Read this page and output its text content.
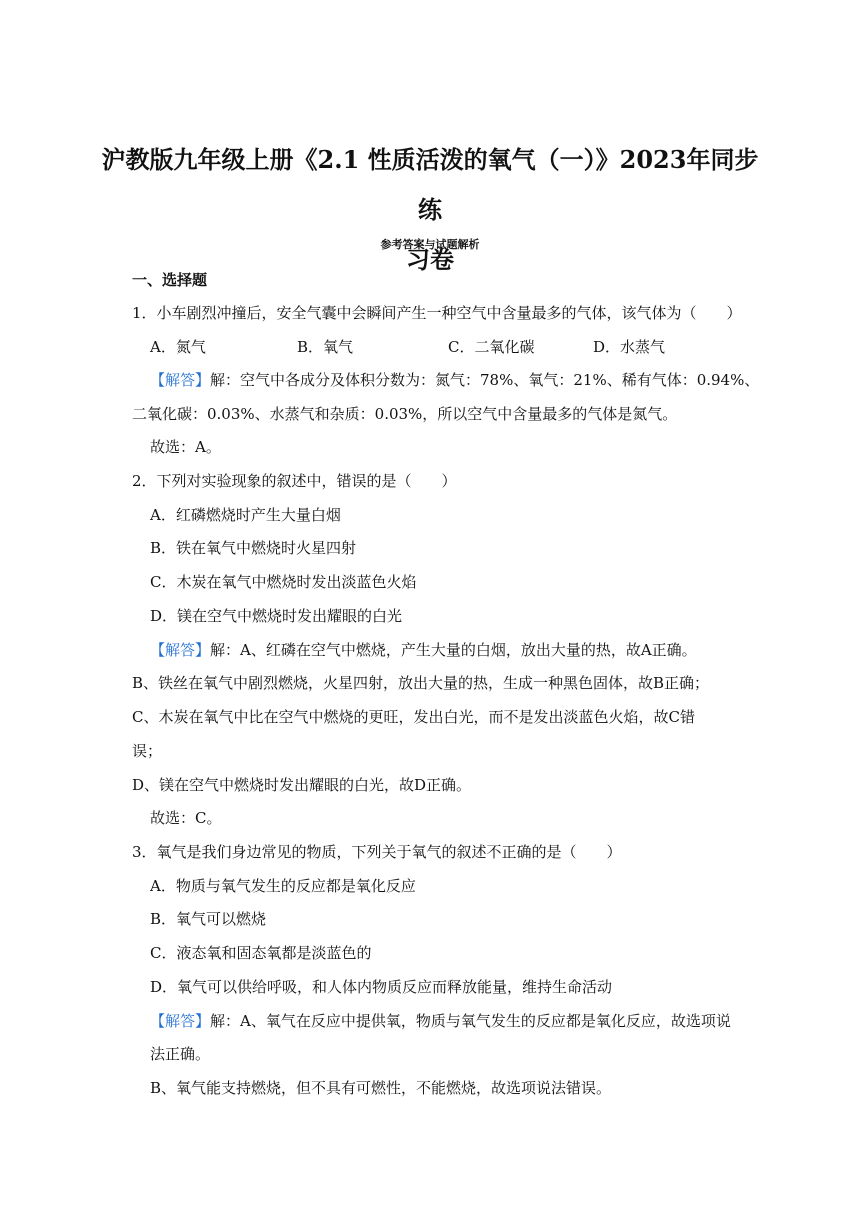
沪教版九年级上册《2.1 性质活泼的氧气（一）》2023年同步练
习卷
参考答案与试题解析
一、选择题
1．小车剧烈冲撞后，安全气囊中会瞬间产生一种空气中含量最多的气体，该气体为（　　）
A．氮气	B．氧气	C．二氧化碳	D．水蒸气
【解答】解：空气中各成分及体积分数为：氮气：78%、氧气：21%、稀有气体：0.94%、
二氧化碳：0.03%、水蒸气和杂质：0.03%，所以空气中含量最多的气体是氮气。
故选：A。
2．下列对实验现象的叙述中，错误的是（　　）
A．红磷燃烧时产生大量白烟
B．铁在氧气中燃烧时火星四射
C．木炭在氧气中燃烧时发出淡蓝色火焰
D．镁在空气中燃烧时发出耀眼的白光
【解答】解：A、红磷在空气中燃烧，产生大量的白烟，放出大量的热，故A正确。
B、铁丝在氧气中剧烈燃烧，火星四射，放出大量的热，生成一种黑色固体，故B正确；
C、木炭在氧气中比在空气中燃烧的更旺，发出白光，而不是发出淡蓝色火焰，故C错
误；
D、镁在空气中燃烧时发出耀眼的白光，故D正确。
故选：C。
3．氧气是我们身边常见的物质，下列关于氧气的叙述不正确的是（　　）
A．物质与氧气发生的反应都是氧化反应
B．氧气可以燃烧
C．液态氧和固态氧都是淡蓝色的
D．氧气可以供给呼吸，和人体内物质反应而释放能量，维持生命活动
【解答】解：A、氧气在反应中提供氧，物质与氧气发生的反应都是氧化反应，故选项说
法正确。
B、氧气能支持燃烧，但不具有可燃性，不能燃烧，故选项说法错误。
